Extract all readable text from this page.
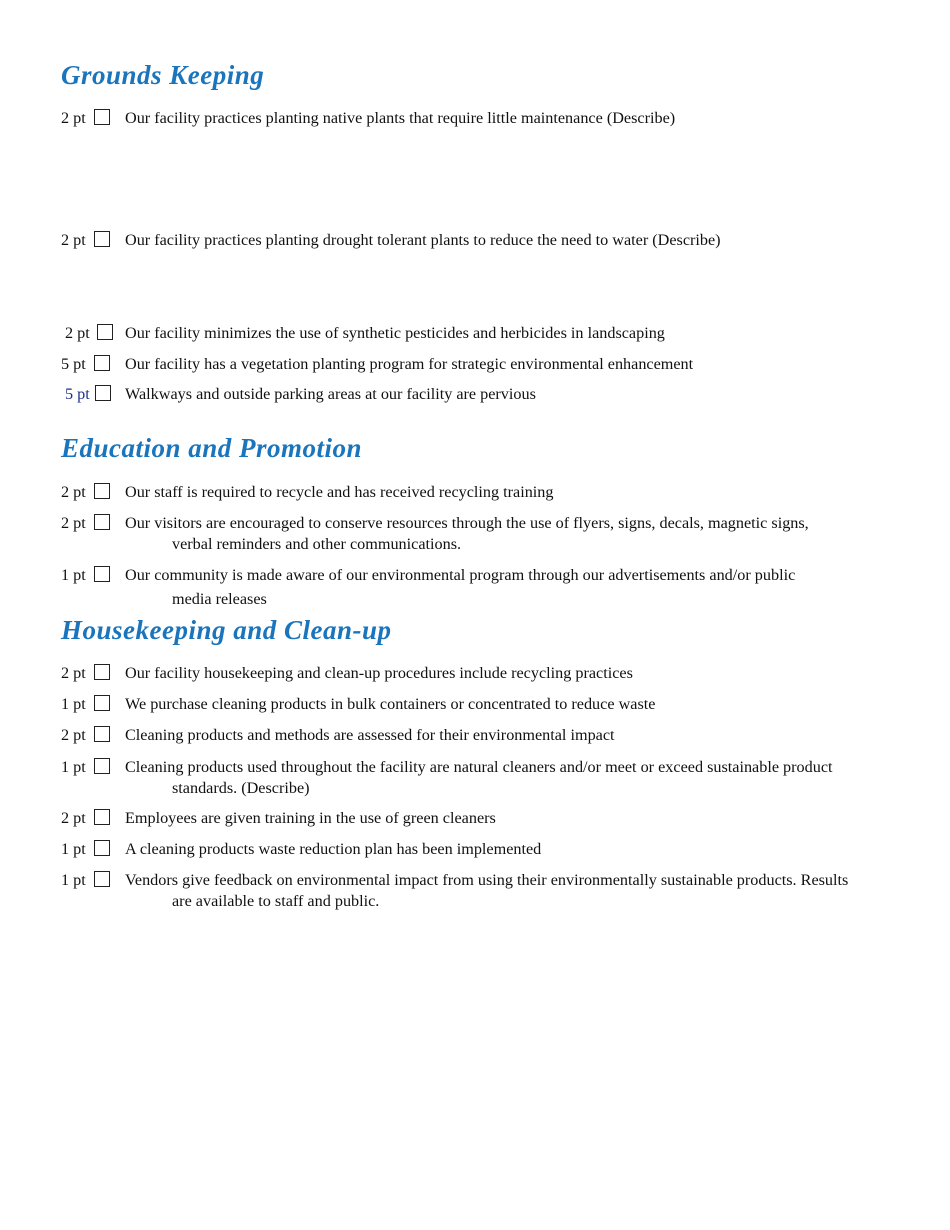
Grounds Keeping
2 pt Our facility practices planting native plants that require little maintenance (Describe)
2 pt Our facility practices planting drought tolerant plants to reduce the need to water (Describe)
2 pt Our facility minimizes the use of synthetic pesticides and herbicides in landscaping
5 pt Our facility has a vegetation planting program for strategic environmental enhancement
5 pt Walkways and outside parking areas at our facility are pervious
Education and Promotion
2 pt Our staff is required to recycle and has received recycling training
2 pt Our visitors are encouraged to conserve resources through the use of flyers, signs, decals, magnetic signs,
verbal reminders and other communications.
1 pt Our community is made aware of our environmental program through our advertisements and/or public
media releases
Housekeeping and Clean-up
2 pt Our facility housekeeping and clean-up procedures include recycling practices
1 pt We purchase cleaning products in bulk containers or concentrated to reduce waste
2 pt Cleaning products and methods are assessed for their environmental impact
1 pt Cleaning products used throughout the facility are natural cleaners and/or meet or exceed sustainable product
standards. (Describe)
2 pt Employees are given training in the use of green cleaners
1 pt A cleaning products waste reduction plan has been implemented
1 pt Vendors give feedback on environmental impact from using their environmentally sustainable products. Results
are available to staff and public.
